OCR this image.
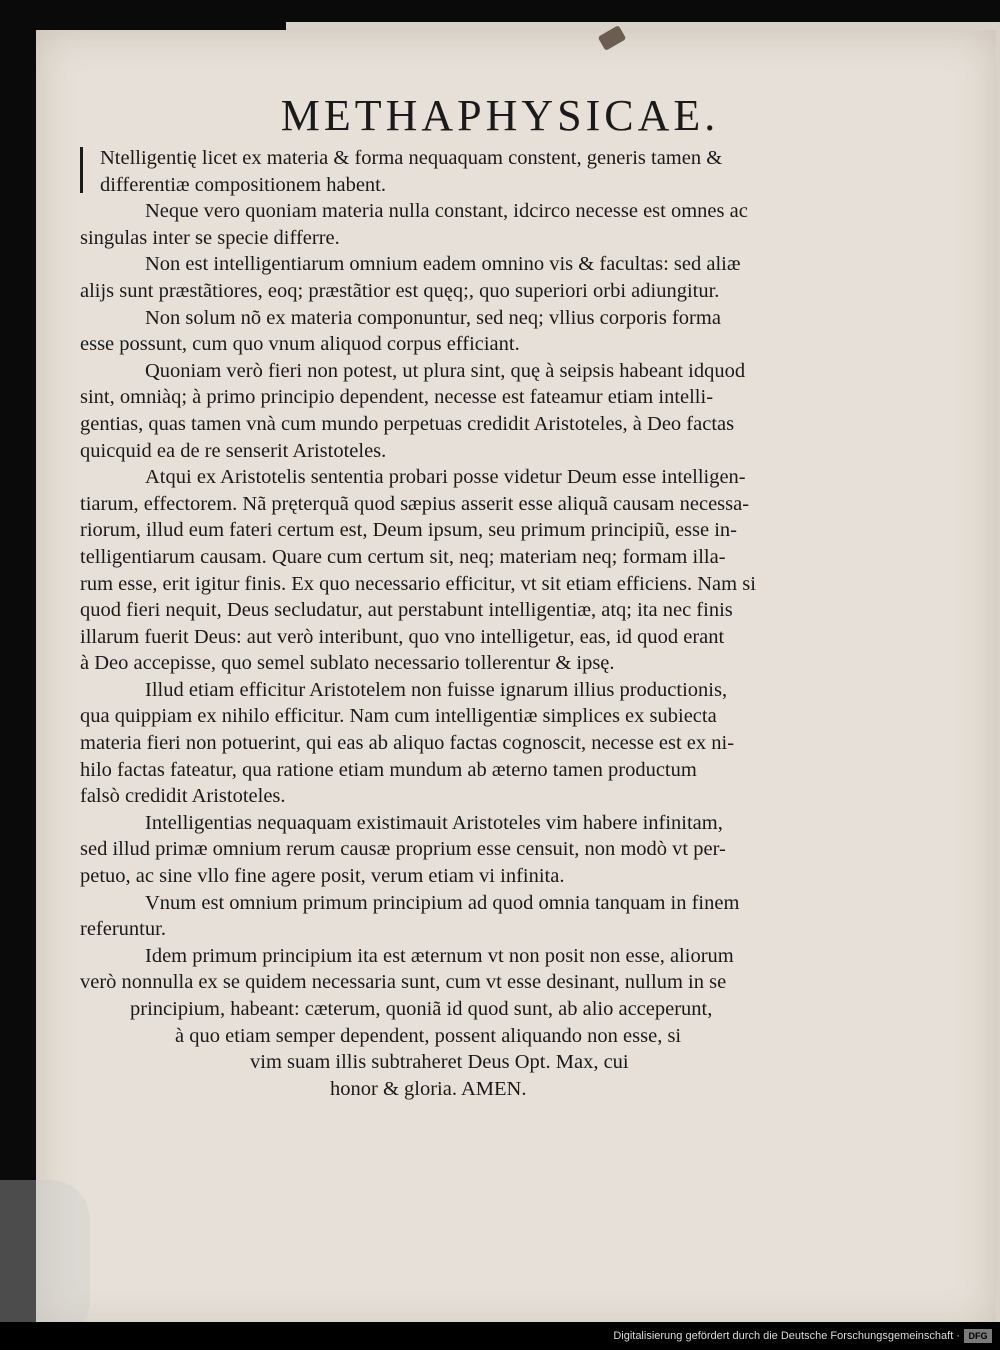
METHAPHYSICAE.
Ntelligentię licet ex materia & forma nequaquam constent, generis tamen &
differentiæ compositionem habent.
Neque vero quoniam materia nulla constant, idcirco necesse est omnes ac
singulas inter se specie differre.
Non est intelligentiarum omnium eadem omnino vis & facultas: sed aliæ
alijs sunt præstãtiores, eoq; præstãtior est quęq;, quo superiori orbi adiungitur.
Non solum nõ ex materia componuntur, sed neq; vllius corporis forma
esse possunt, cum quo vnum aliquod corpus efficiant.
Quoniam verò fieri non potest, ut plura sint, quę à seipsis habeant idquod
sint, omniàq; à primo principio dependent, necesse est fateamur etiam intelli-
gentias, quas tamen vnà cum mundo perpetuas credidit Aristoteles, à Deo factas
quicquid ea de re senserit Aristoteles.
Atqui ex Aristotelis sententia probari posse videtur Deum esse intelligen-
tiarum, effectorem. Nã pręterquã quod sæpius asserit esse aliquã causam necessa-
riorum, illud eum fateri certum est, Deum ipsum, seu primum principiũ, esse in-
telligentiarum causam. Quare cum certum sit, neq; materiam neq; formam illa-
rum esse, erit igitur finis. Ex quo necessario efficitur, vt sit etiam efficiens. Nam si
quod fieri nequit, Deus secludatur, aut perstabunt intelligentiæ, atq; ita nec finis
illarum fuerit Deus: aut verò interibunt, quo vno intelligetur, eas, id quod erant
à Deo accepisse, quo semel sublato necessario tollerentur & ipsę.
Illud etiam efficitur Aristotelem non fuisse ignarum illius productionis,
qua quippiam ex nihilo efficitur. Nam cum intelligentiæ simplices ex subiecta
materia fieri non potuerint, qui eas ab aliquo factas cognoscit, necesse est ex ni-
hilo factas fateatur, qua ratione etiam mundum ab æterno tamen productum
falsò credidit Aristoteles.
Intelligentias nequaquam existimauit Aristoteles vim habere infinitam,
sed illud primæ omnium rerum causæ proprium esse censuit, non modò vt per-
petuo, ac sine vllo fine agere posit, verum etiam vi infinita.
Vnum est omnium primum principium ad quod omnia tanquam in finem
referuntur.
Idem primum principium ita est æternum vt non posit non esse, aliorum
verò nonnulla ex se quidem necessaria sunt, cum vt esse desinant, nullum in se
principium, habeant: cæterum, quoniã id quod sunt, ab alio acceperunt,
à quo etiam semper dependent, possent aliquando non esse, si
vim suam illis subtraheret Deus Opt. Max, cui
honor & gloria. AMEN.
Digitalisierung gefördert durch die Deutsche Forschungsgemeinschaft · DFG
